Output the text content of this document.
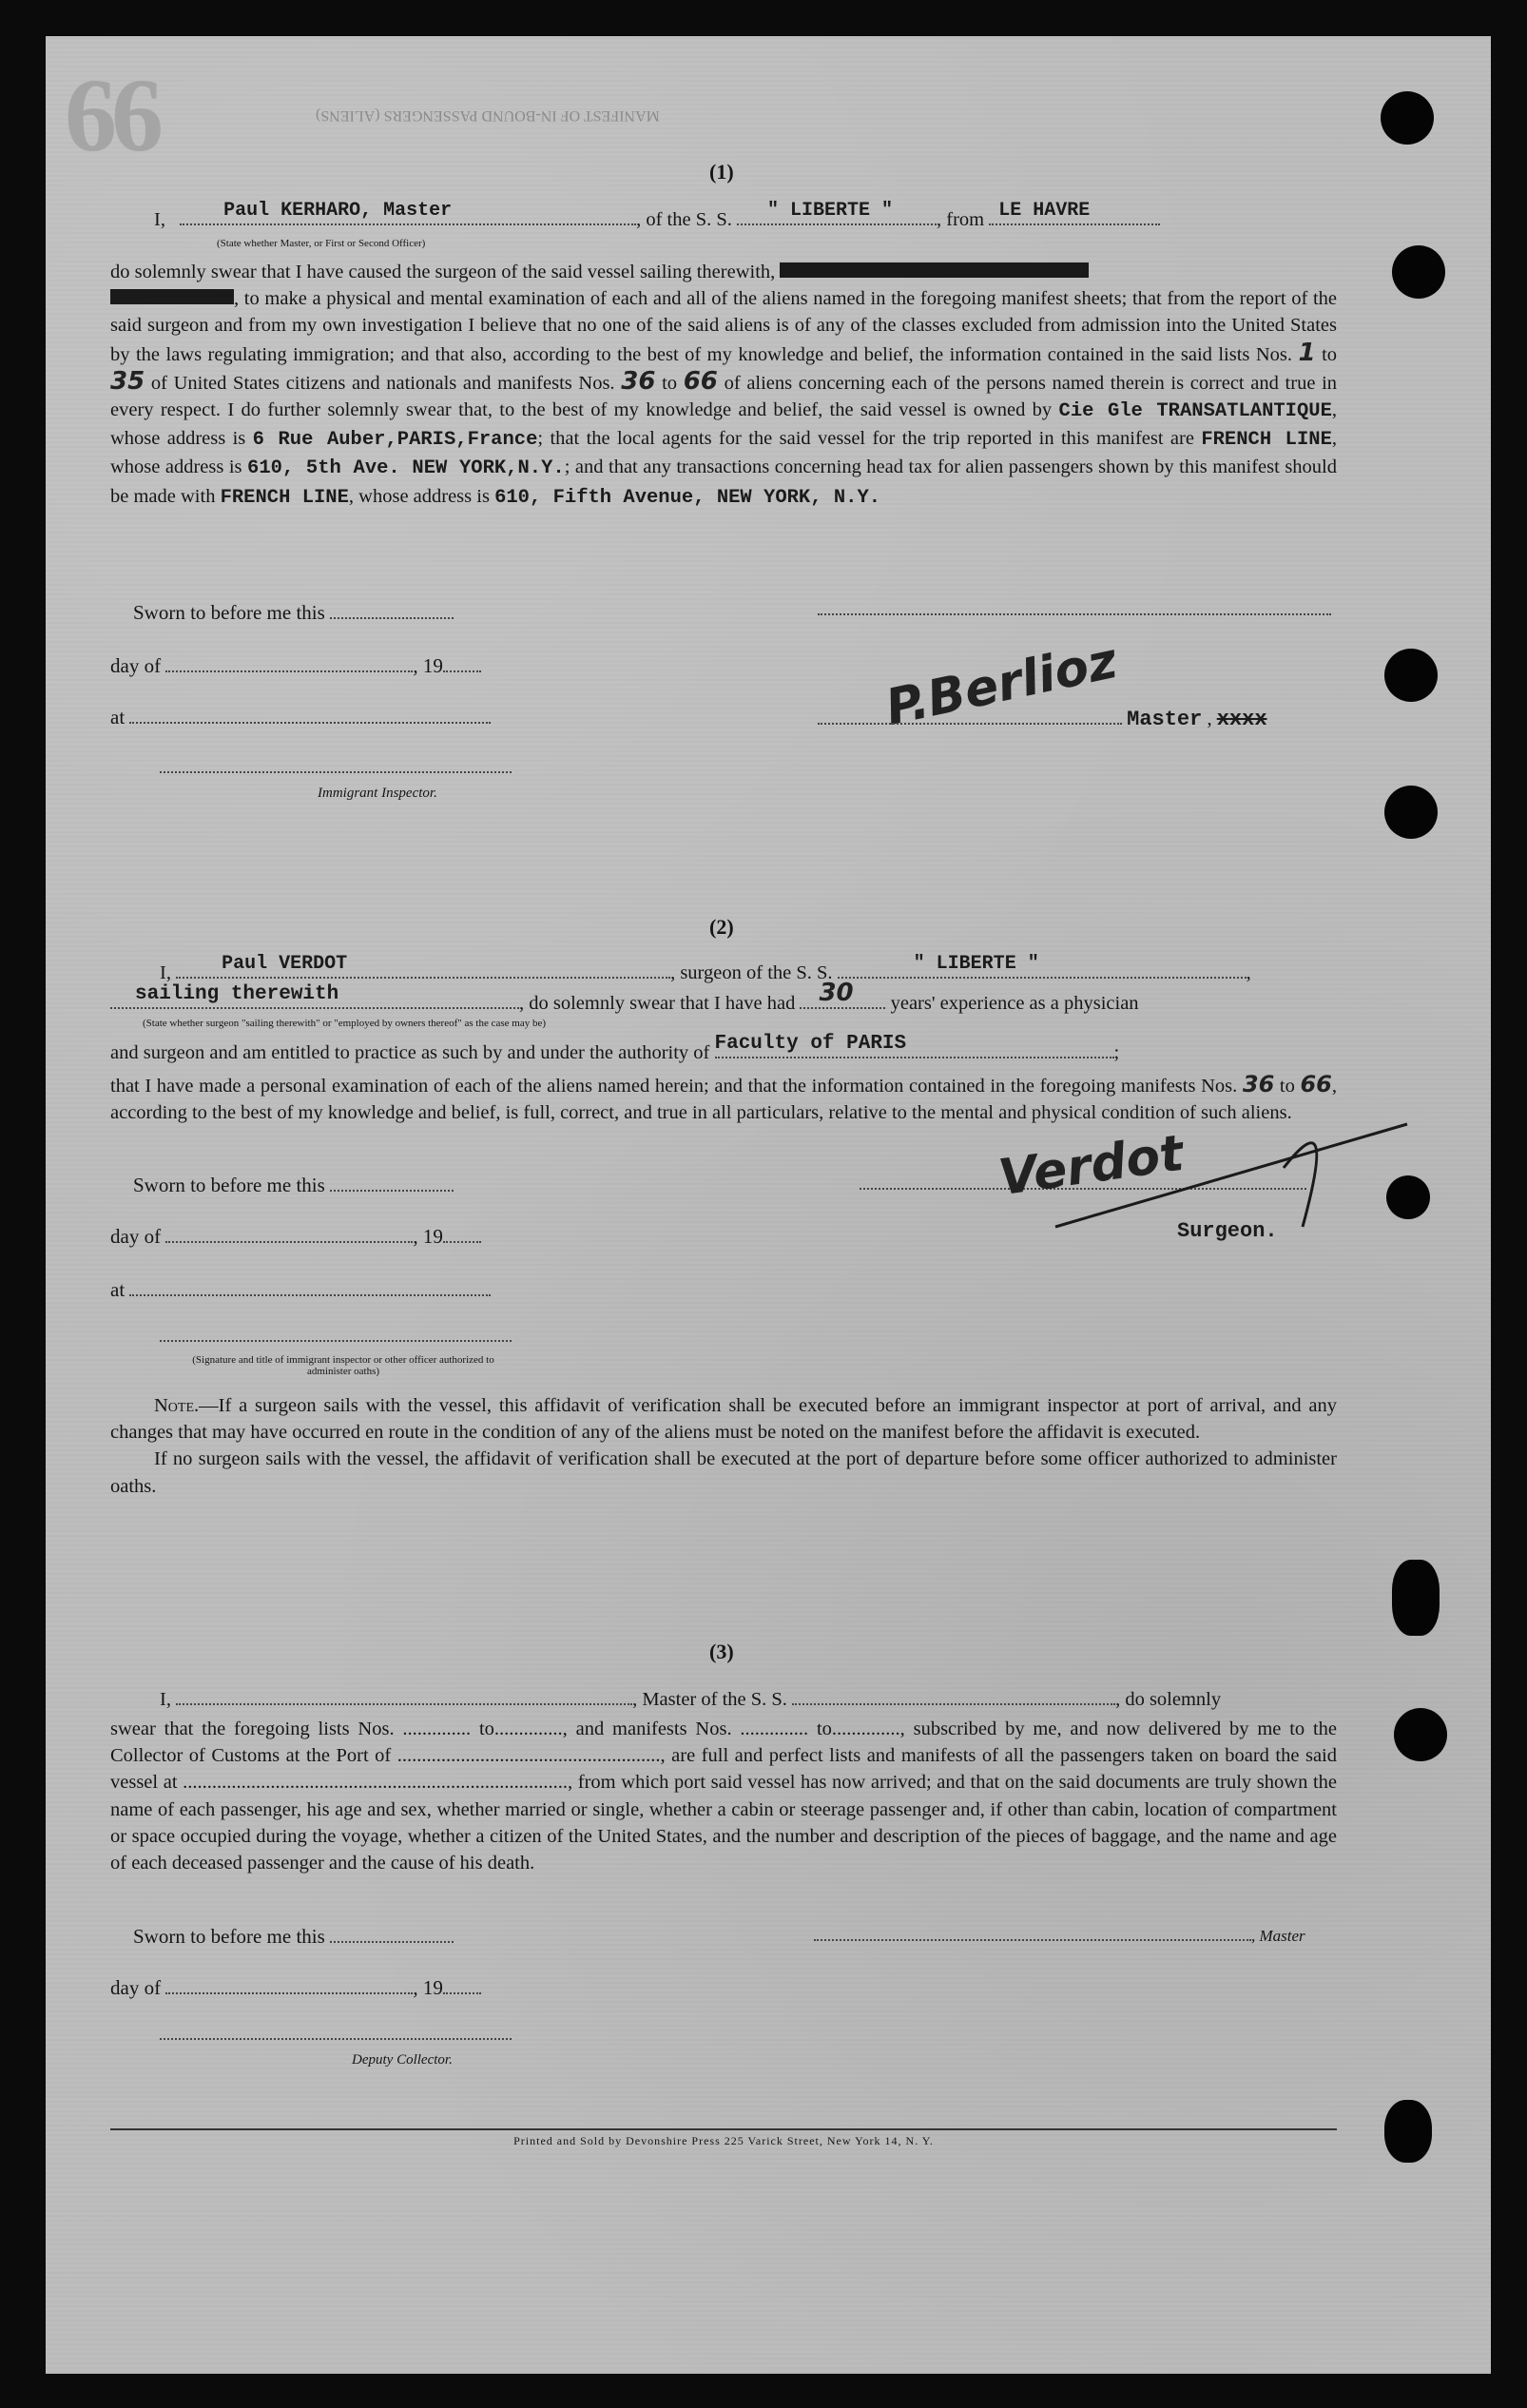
66	MANIFEST OF IN-BOUND PASSENGERS (ALIENS)
(1)
I,	Paul KERHARO, Master	, of the S. S. " LIBERTE " , from LE HAVRE
(State whether Master, or First or Second Officer)
do solemnly swear that I have caused the surgeon of the said vessel sailing therewith,
, to make a physical and mental examination of each and all of the aliens named in the foregoing manifest sheets; that from the report of the said surgeon and from my own investigation I believe that no one of the said aliens is of any of the classes excluded from admission into the United States by the laws regulating immigration; and that also, according to the best of my knowledge and belief, the information contained in the said lists Nos. 1 to 35 of United States citizens and nationals and manifests Nos. 36 to 66 of aliens concerning each of the persons named therein is correct and true in every respect. I do further solemnly swear that, to the best of my knowledge and belief, the said vessel is owned by Cie Gle TRANSATLANTIQUE, whose address is 6 Rue Auber,PARIS,France; that the local agents for the said vessel for the trip reported in this manifest are FRENCH LINE, whose address is 610, 5th Ave. NEW YORK,N.Y.; and that any transactions concerning head tax for alien passengers shown by this manifest should be made with FRENCH LINE, whose address is 610, Fifth Avenue, NEW YORK, N.Y.
Sworn to before me this
day of	, 19	P.Berlioz
at	Master , xxxx
Immigrant Inspector.
(2)
I,	Paul VERDOT	, surgeon of the S. S.	" LIBERTE "	,
sailing therewith	, do solemnly swear that I have had 30 years' experience as a physician
(State whether surgeon "sailing therewith" or "employed by owners thereof" as the case may be)
and surgeon and am entitled to practice as such by and under the authority of Faculty of PARIS	;
that I have made a personal examination of each of the aliens named herein; and that the information contained in the foregoing manifests Nos. 36 to 66, according to the best of my knowledge and belief, is full, correct, and true in all particulars, relative to the mental and physical condition of such aliens.
Sworn to before me this	Verdot
day of	, 19	Surgeon.
at
(Signature and title of immigrant inspector or other officer authorized to administer oaths)
Note.—If a surgeon sails with the vessel, this affidavit of verification shall be executed before an immigrant inspector at port of arrival, and any changes that may have occurred en route in the condition of any of the aliens must be noted on the manifest before the affidavit is executed.
If no surgeon sails with the vessel, the affidavit of verification shall be executed at the port of departure before some officer authorized to administer oaths.
(3)
I,	, Master of the S. S.	, do solemnly
swear that the foregoing lists Nos. .............. to.............., and manifests Nos. .............. to.............., subscribed by me, and now delivered by me to the Collector of Customs at the Port of ......................................................, are full and perfect lists and manifests of all the passengers taken on board the said vessel at ..............................................................................., from which port said vessel has now arrived; and that on the said documents are truly shown the name of each passenger, his age and sex, whether married or single, whether a cabin or steerage passenger and, if other than cabin, location of compartment or space occupied during the voyage, whether a citizen of the United States, and the number and description of the pieces of baggage, and the name and age of each deceased passenger and the cause of his death.
Sworn to before me this	, Master
day of	, 19
Deputy Collector.
Printed and Sold by Devonshire Press 225 Varick Street, New York 14, N. Y.
